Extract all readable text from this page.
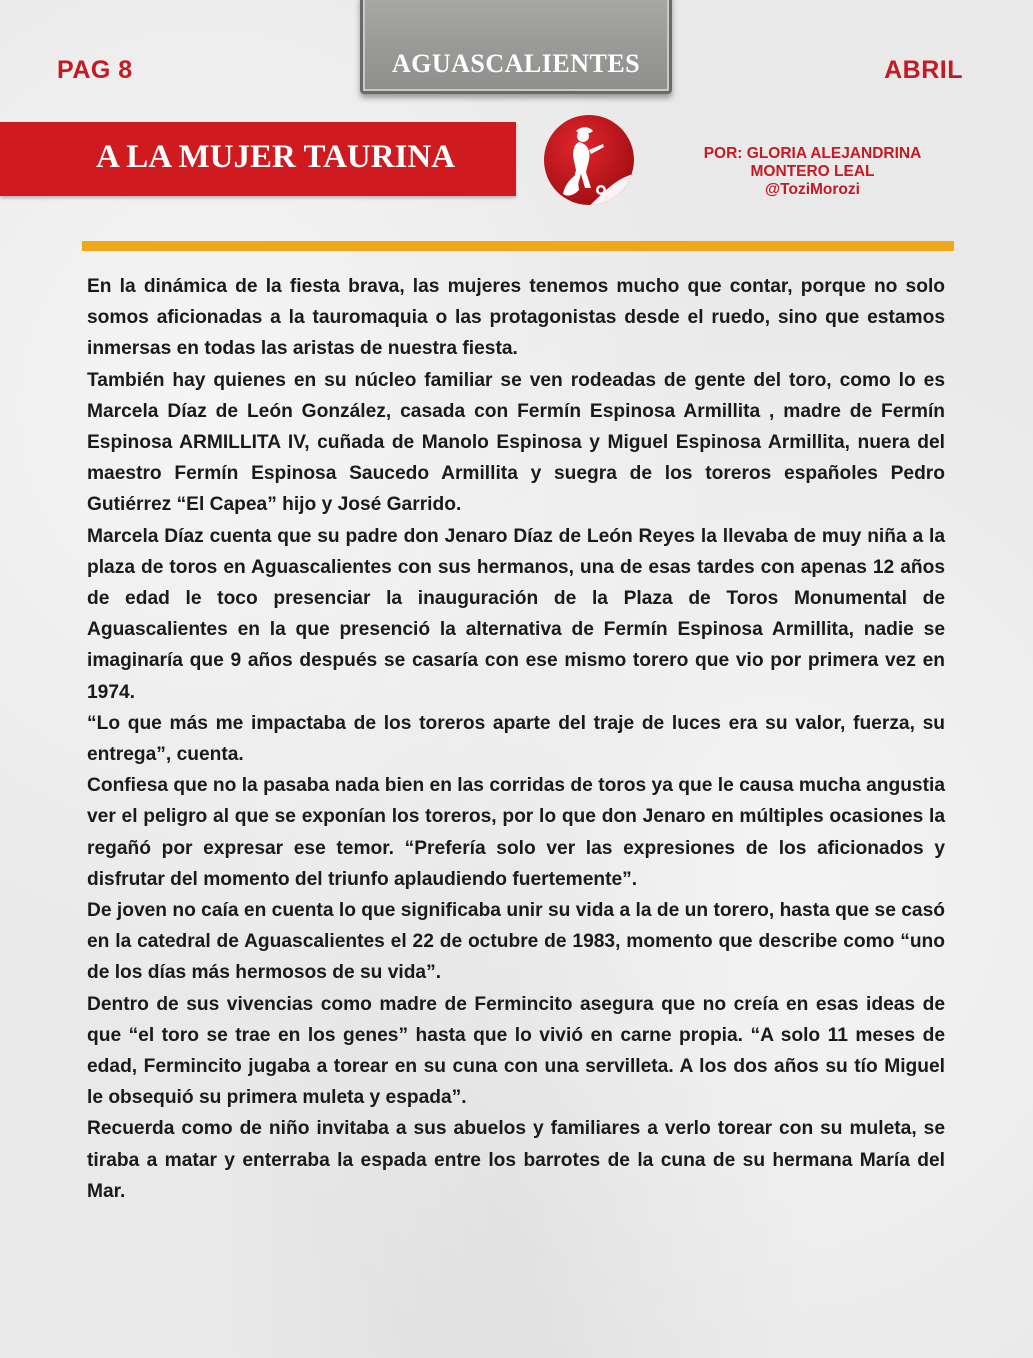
PAG 8	AGUASCALIENTES	ABRIL
A LA MUJER TAURINA	POR: GLORIA ALEJANDRINA
MONTERO LEAL
@ToziMorozi

En la dinámica de la fiesta brava, las mujeres tenemos mucho que contar, porque no solo somos aficionadas a la tauromaquia o las protagonistas desde el ruedo, sino que estamos inmersas en todas las aristas de nuestra fiesta.

También hay quienes en su núcleo familiar se ven rodeadas de gente del toro, como lo es Marcela Díaz de León González, casada con Fermín Espinosa Armillita , madre de Fermín Espinosa ARMILLITA IV, cuñada de Manolo Espinosa y Miguel Espinosa Armillita, nuera del maestro Fermín Espinosa Saucedo Armillita y suegra de los toreros españoles Pedro Gutiérrez “El Capea” hijo y José Garrido.

Marcela Díaz cuenta que su padre don Jenaro Díaz de León Reyes la llevaba de muy niña a la plaza de toros en Aguascalientes con sus hermanos, una de esas tardes con apenas 12 años de edad le toco presenciar la inauguración de la Plaza de Toros Monumental de Aguascalientes en la que presenció la alternativa de Fermín Espinosa Armillita, nadie se imaginaría que 9 años después se casaría con ese mismo torero que vio por primera vez en 1974.

“Lo que más me impactaba de los toreros aparte del traje de luces era su valor, fuerza, su entrega”, cuenta.

Confiesa que no la pasaba nada bien en las corridas de toros ya que le causa mucha angustia ver el peligro al que se exponían los toreros, por lo que don Jenaro en múltiples ocasiones la regañó por expresar ese temor. “Prefería solo ver las expresiones de los aficionados y disfrutar del momento del triunfo aplaudiendo fuertemente”.

De joven no caía en cuenta lo que significaba unir su vida a la de un torero, hasta que se casó en la catedral de Aguascalientes el 22 de octubre de 1983, momento que describe como “uno de los días más hermosos de su vida”.

Dentro de sus vivencias como madre de Fermincito asegura que no creía en esas ideas de que “el toro se trae en los genes” hasta que lo vivió en carne propia. “A solo 11 meses de edad, Fermincito jugaba a torear en su cuna con una servilleta. A los dos años su tío Miguel le obsequió su primera muleta y espada”.

Recuerda como de niño invitaba a sus abuelos y familiares a verlo torear con su muleta, se tiraba a matar y enterraba la espada entre los barrotes de la cuna de su hermana María del Mar.
